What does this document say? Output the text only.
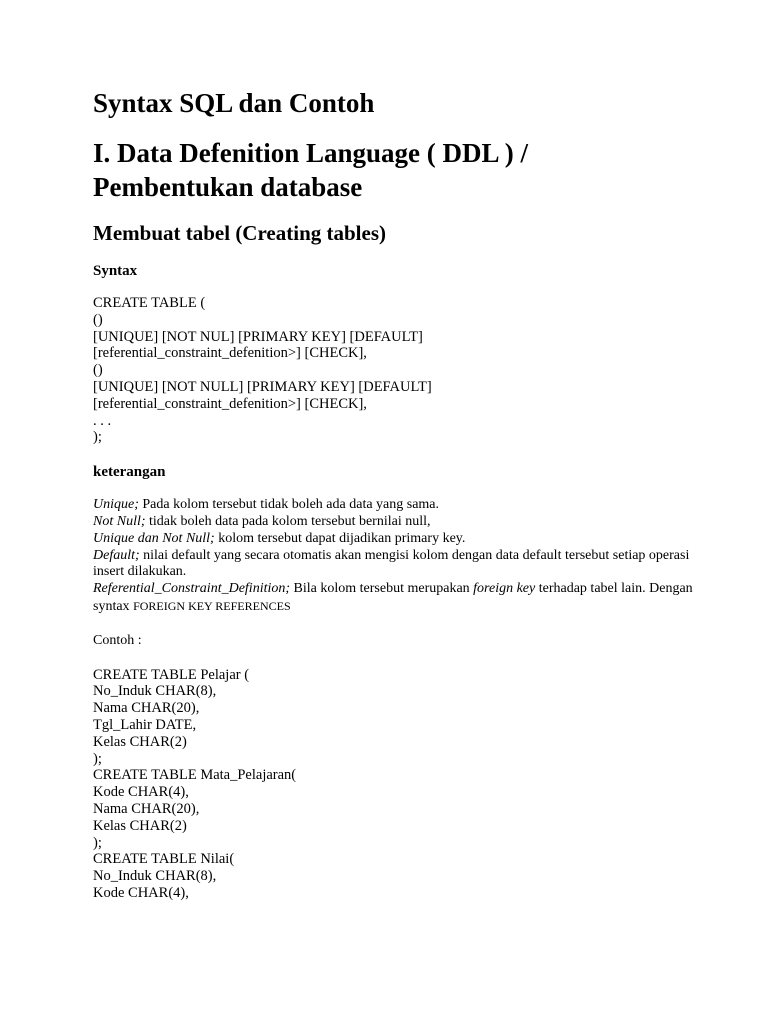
Syntax SQL dan Contoh
I. Data Defenition Language ( DDL ) / Pembentukan database
Membuat tabel (Creating tables)
Syntax
CREATE TABLE (
()
[UNIQUE] [NOT NUL] [PRIMARY KEY] [DEFAULT]
[referential_constraint_defenition>] [CHECK],
()
[UNIQUE] [NOT NULL] [PRIMARY KEY] [DEFAULT]
[referential_constraint_defenition>] [CHECK],
. . .
);
keterangan

Unique; Pada kolom tersebut tidak boleh ada data yang sama.

Not Null; tidak boleh data pada kolom tersebut bernilai null,

Unique dan Not Null; kolom tersebut dapat dijadikan primary key.

Default; nilai default yang secara otomatis akan mengisi kolom dengan data default tersebut setiap operasi insert dilakukan.

Referential_Constraint_Definition; Bila kolom tersebut merupakan foreign key terhadap tabel lain. Dengan syntax FOREIGN KEY REFERENCES

Contoh :

CREATE TABLE Pelajar (
No_Induk CHAR(8),
Nama CHAR(20),
Tgl_Lahir DATE,
Kelas CHAR(2)
);
CREATE TABLE Mata_Pelajaran(
Kode CHAR(4),
Nama CHAR(20),
Kelas CHAR(2)
);
CREATE TABLE Nilai(
No_Induk CHAR(8),
Kode CHAR(4),
